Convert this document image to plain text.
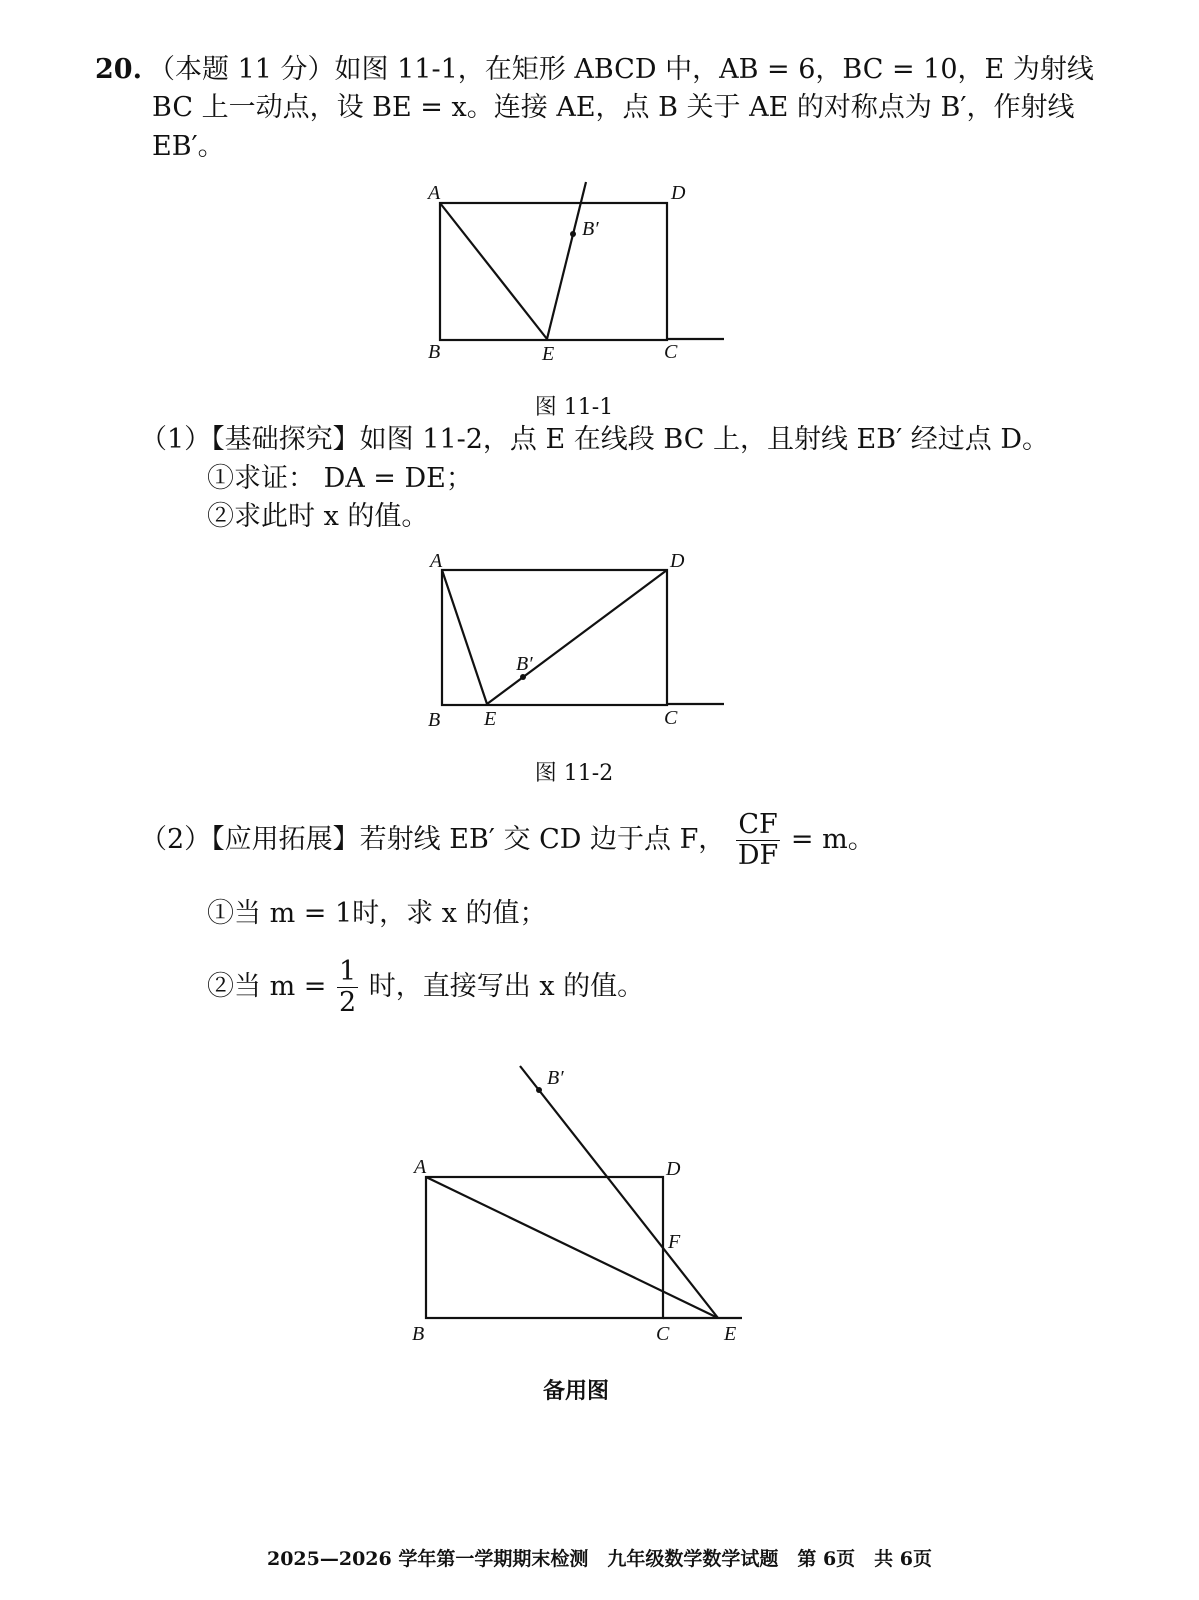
20. （本题 11 分）如图 11-1，在矩形 ABCD 中，AB = 6，BC = 10，E 为射线
BC 上一动点，设 BE = x。连接 AE，点 B 关于 AE 的对称点为 B′，作射线
EB′。
A	D
B′
B	E	C
图 11-1
（1）【基础探究】如图 11-2，点 E 在线段 BC 上，且射线 EB′ 经过点 D。
①求证： DA = DE；
②求此时 x 的值。
A	D
B′
B E	C
图 11-2
（2）【应用拓展】若射线 EB′ 交 CD 边于点 F， $\frac{CF}{DF} = m$。
①当 m = 1时，求 x 的值；
②当 $m = \frac{1}{2}$ 时，直接写出 x 的值。
B′
A	D
F
B	C	E
备用图
2025—2026 学年第一学期期末检测　九年级数学数学试题　第 6页　共 6页
